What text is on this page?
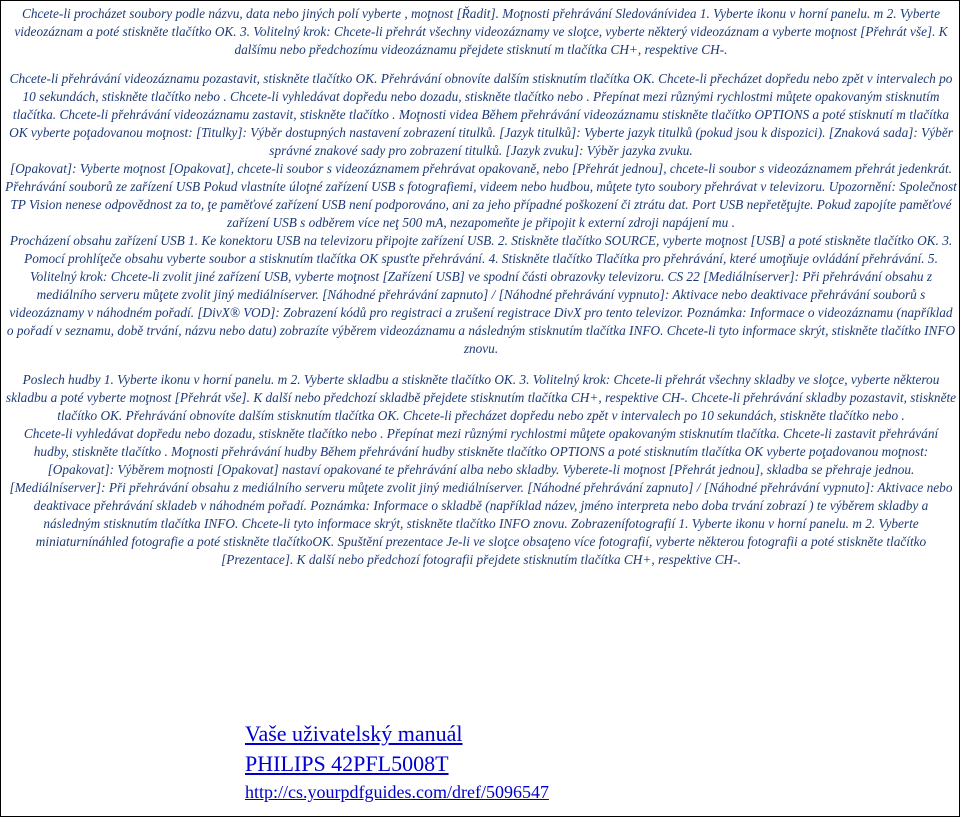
Chcete-li procházet soubory podle názvu, data nebo jiných polí vyberte , moţnost [Řadit]. Moţnosti přehrávání Sledovánívidea 1. Vyberte ikonu v horní panelu. m 2. Vyberte videozáznam a poté stiskněte tlačítko OK. 3. Volitelný krok: Chcete-li přehrát všechny videozáznamy ve sloţce, vyberte některý videozáznam a vyberte moţnost [Přehrát vše]. K dalšímu nebo předchozímu videozáznamu přejdete stisknutí m tlačítka CH+, respektive CH-.

Chcete-li přehrávání videozáznamu pozastavit, stiskněte tlačítko OK. Přehrávání obnovíte dalším stisknutím tlačítka OK. Chcete-li přecházet dopředu nebo zpět v intervalech po 10 sekundách, stiskněte tlačítko nebo . Chcete-li vyhledávat dopředu nebo dozadu, stiskněte tlačítko nebo . Přepínat mezi různými rychlostmi můţete opakovaným stisknutím tlačítka. Chcete-li přehrávání videozáznamu zastavit, stiskněte tlačítko . Moţnosti videa Během přehrávání videozáznamu stiskněte tlačítko OPTIONS a poté stisknutí m tlačítka OK vyberte poţadovanou moţnost: [Titulky]: Výběr dostupných nastavení zobrazení titulků. [Jazyk titulků]: Vyberte jazyk titulků (pokud jsou k dispozici). [Znaková sada]: Výběr správné znakové sady pro zobrazení titulků. [Jazyk zvuku]: Výběr jazyka zvuku.

[Opakovat]: Vyberte moţnost [Opakovat], chcete-li soubor s videozáznamem přehrávat opakovaně, nebo [Přehrát jednou], chcete-li soubor s videozáznamem přehrát jedenkrát. Přehrávání souborů ze zařízení USB Pokud vlastníte úloţné zařízení USB s fotografiemi, videem nebo hudbou, můţete tyto soubory přehrávat v televizoru. Upozornění: Společnost TP Vision nenese odpovědnost za to, ţe paměťové zařízení USB není podporováno, ani za jeho případné poškození či ztrátu dat. Port USB nepřetěţujte. Pokud zapojíte paměťové zařízení USB s odběrem více neţ 500 mA, nezapomeňte je připojit k externí zdroji napájení mu .

Procházení obsahu zařízení USB 1. Ke konektoru USB na televizoru připojte zařízení USB. 2. Stiskněte tlačítko SOURCE, vyberte moţnost [USB] a poté stiskněte tlačítko OK. 3.

Pomocí prohlíţeče obsahu vyberte soubor a stisknutím tlačítka OK spusťte přehrávání. 4. Stiskněte tlačítko Tlačítka pro přehrávání, které umoţňuje ovládání přehrávání. 5. Volitelný krok: Chcete-li zvolit jiné zařízení USB, vyberte moţnost [Zařízení USB] ve spodní části obrazovky televizoru. CS 22 [Mediálníserver]: Při přehrávání obsahu z mediálního serveru můţete zvolit jiný mediálníserver. [Náhodné přehrávání zapnuto] / [Náhodné přehrávání vypnuto]: Aktivace nebo deaktivace přehrávání souborů s videozáznamy v náhodném pořadí. [DivX® VOD]: Zobrazení kódů pro registraci a zrušení registrace DivX pro tento televizor. Poznámka: Informace o videozáznamu (například o pořadí v seznamu, době trvání, názvu nebo datu) zobrazíte výběrem videozáznamu a následným stisknutím tlačítka INFO. Chcete-li tyto informace skrýt, stiskněte tlačítko INFO znovu.

Poslech hudby 1. Vyberte ikonu v horní panelu. m 2. Vyberte skladbu a stiskněte tlačítko OK. 3. Volitelný krok: Chcete-li přehrát všechny skladby ve sloţce, vyberte některou skladbu a poté vyberte moţnost [Přehrát vše]. K další nebo předchozí skladbě přejdete stisknutím tlačítka CH+, respektive CH-. Chcete-li přehrávání skladby pozastavit, stiskněte tlačítko OK. Přehrávání obnovíte dalším stisknutím tlačítka OK. Chcete-li přecházet dopředu nebo zpět v intervalech po 10 sekundách, stiskněte tlačítko nebo .

Chcete-li vyhledávat dopředu nebo dozadu, stiskněte tlačítko nebo . Přepínat mezi různými rychlostmi můţete opakovaným stisknutím tlačítka. Chcete-li zastavit přehrávání hudby, stiskněte tlačítko . Moţnosti přehrávání hudby Během přehrávání hudby stiskněte tlačítko OPTIONS a poté stisknutím tlačítka OK vyberte poţadovanou moţnost: [Opakovat]: Výběrem moţnosti [Opakovat] nastaví opakované te přehrávání alba nebo skladby. Vyberete-li moţnost [Přehrát jednou], skladba se přehraje jednou.

[Mediálníserver]: Při přehrávání obsahu z mediálního serveru můţete zvolit jiný mediálníserver. [Náhodné přehrávání zapnuto] / [Náhodné přehrávání vypnuto]: Aktivace nebo deaktivace přehrávání skladeb v náhodném pořadí. Poznámka: Informace o skladbě (například název, jméno interpreta nebo doba trvání zobrazí ) te výběrem skladby a následným stisknutím tlačítka INFO. Chcete-li tyto informace skrýt, stiskněte tlačítko INFO znovu. Zobrazenífotografií 1. Vyberte ikonu v horní panelu. m 2. Vyberte miniaturnínáhled fotografie a poté stiskněte tlačítkoOK. Spuštění prezentace Je-li ve sloţce obsaţeno více fotografií, vyberte některou fotografii a poté stiskněte tlačítko [Prezentace]. K další nebo předchozí fotografii přejdete stisknutím tlačítka CH+, respektive CH-.

Vaše uživatelský manuál
PHILIPS 42PFL5008T
http://cs.yourpdfguides.com/dref/5096547
